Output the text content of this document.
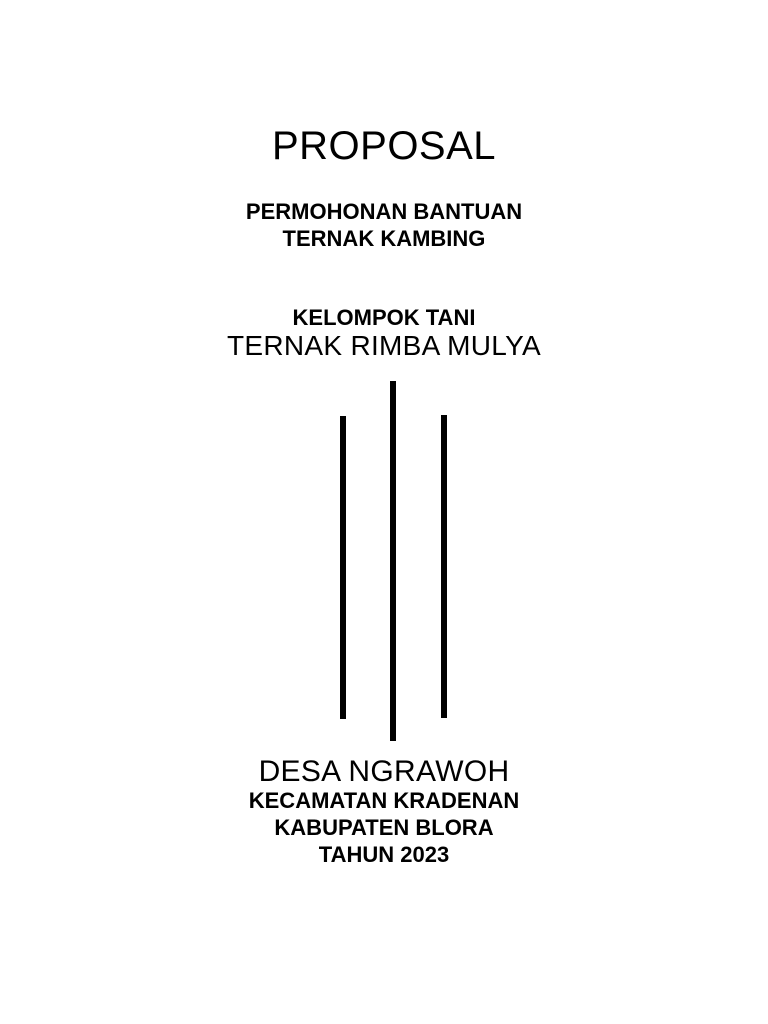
PROPOSAL
PERMOHONAN BANTUAN
TERNAK KAMBING
KELOMPOK TANI
TERNAK RIMBA MULYA
DESA NGRAWOH
KECAMATAN KRADENAN
KABUPATEN BLORA
TAHUN 2023
